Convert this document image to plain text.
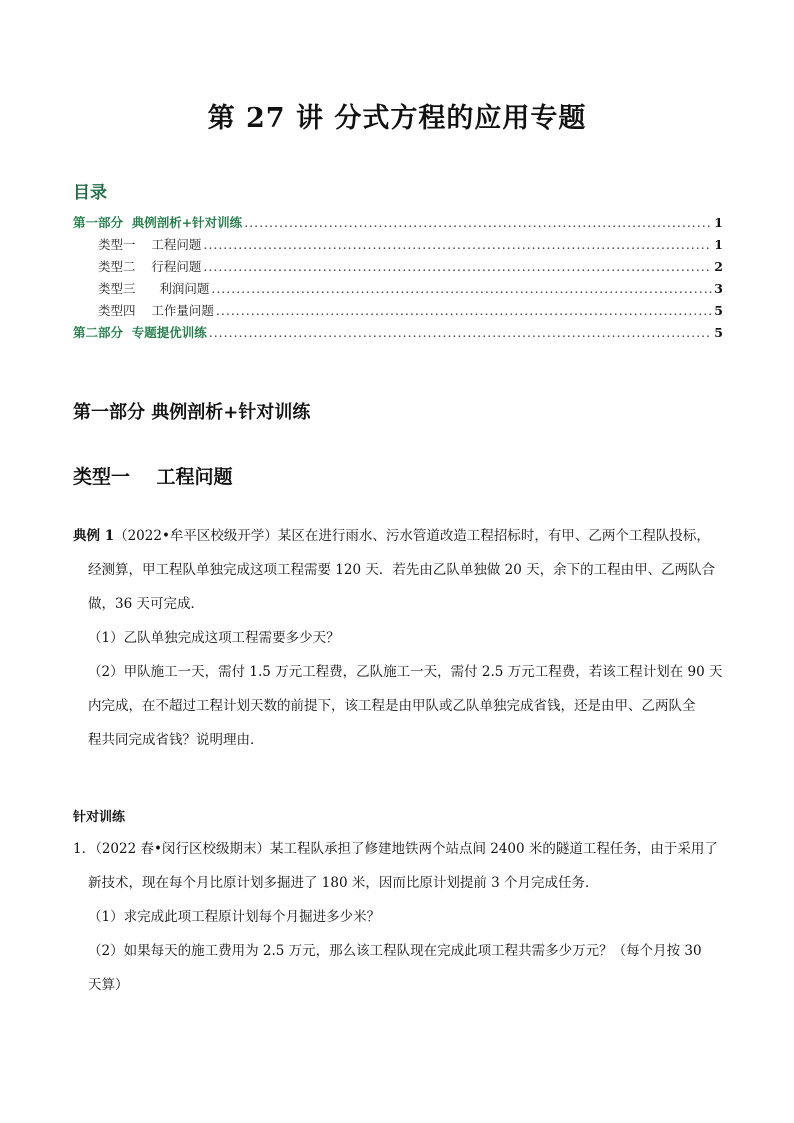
第 27 讲 分式方程的应用专题
目录
第一部分  典例剖析+针对训练 .....	1
类型一    工程问题 .....	1
类型二    行程问题 .....	2
类型三      利润问题 .....	3
类型四    工作量问题 .....	5
第二部分  专题提优训练 .....	5
第一部分 典例剖析+针对训练
类型一    工程问题
典例 1（2022•牟平区校级开学）某区在进行雨水、污水管道改造工程招标时，有甲、乙两个工程队投标，
经测算，甲工程队单独完成这项工程需要 120 天．若先由乙队单独做 20 天，余下的工程由甲、乙两队合
做，36 天可完成．
（1）乙队单独完成这项工程需要多少天？
（2）甲队施工一天，需付 1.5 万元工程费，乙队施工一天，需付 2.5 万元工程费，若该工程计划在 90 天
内完成，在不超过工程计划天数的前提下，该工程是由甲队或乙队单独完成省钱，还是由甲、乙两队全
程共同完成省钱？说明理由．
针对训练
1．（2022 春•闵行区校级期末）某工程队承担了修建地铁两个站点间 2400 米的隧道工程任务，由于采用了
新技术，现在每个月比原计划多掘进了 180 米，因而比原计划提前 3 个月完成任务．
（1）求完成此项工程原计划每个月掘进多少米？
（2）如果每天的施工费用为 2.5 万元，那么该工程队现在完成此项工程共需多少万元？（每个月按 30
天算）
